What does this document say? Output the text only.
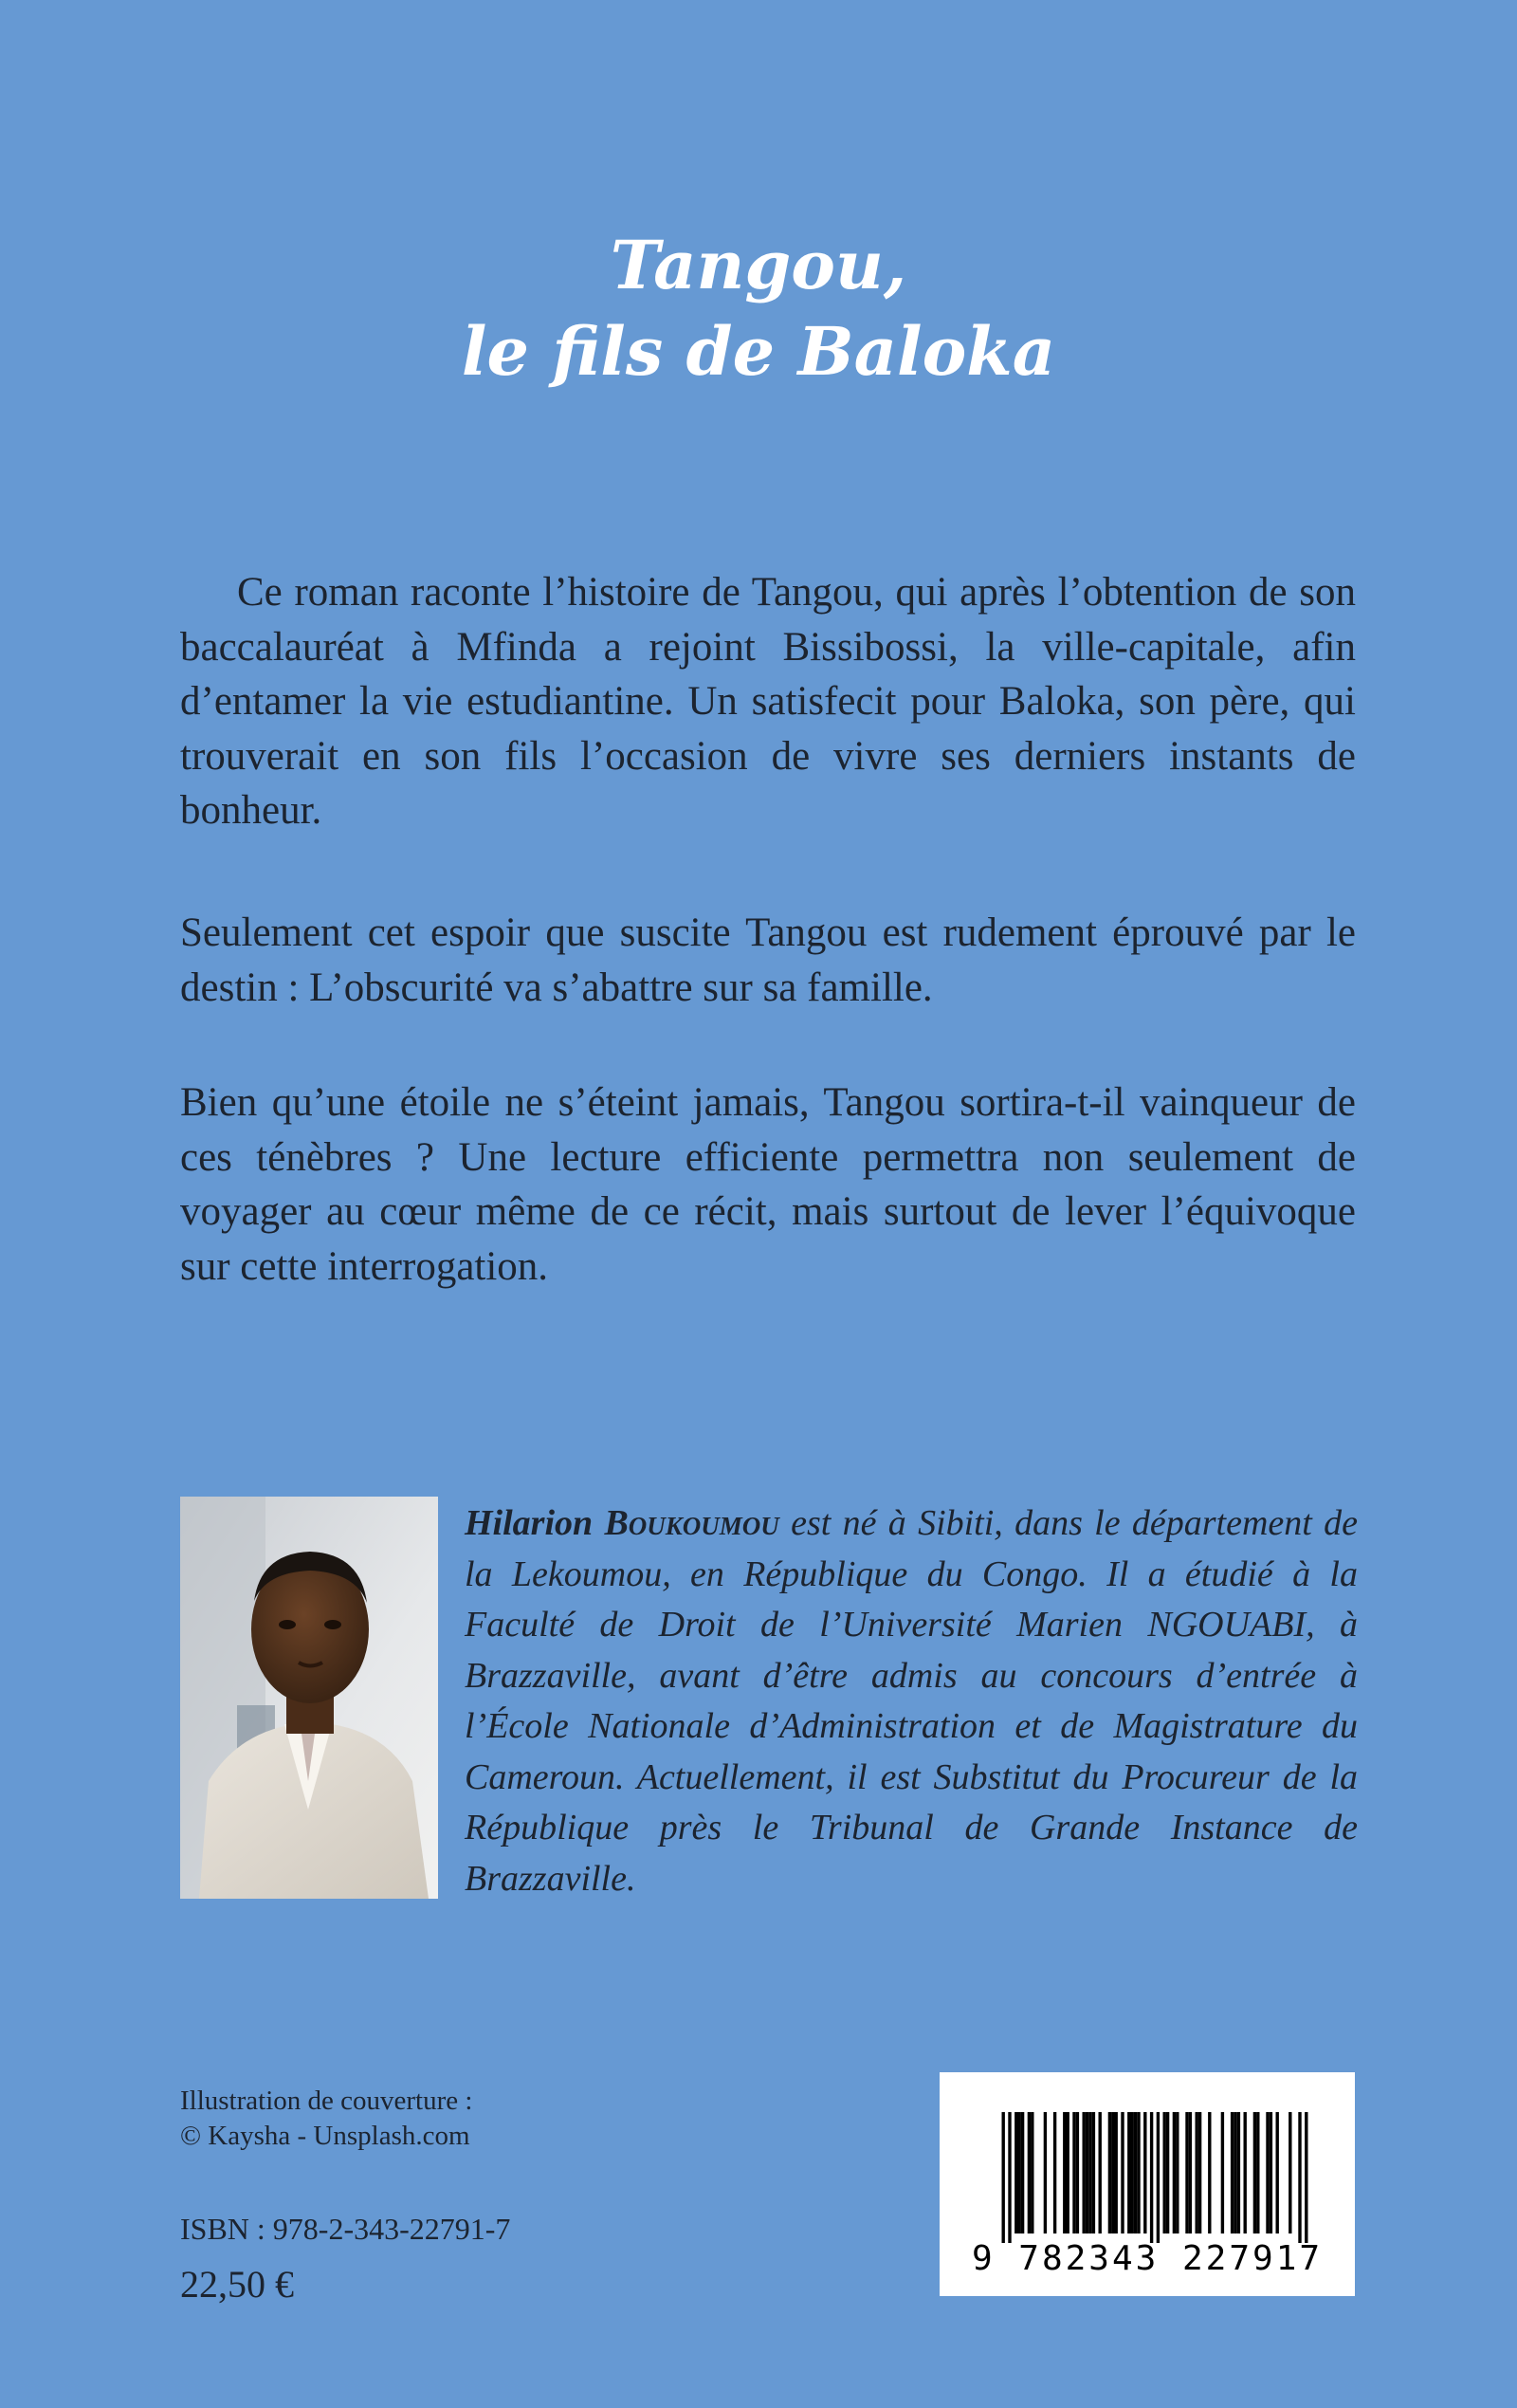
Tangou,
le fils de Baloka

Ce roman raconte l’histoire de Tangou, qui après l’obtention de son baccalauréat à Mfinda a rejoint Bissibossi, la ville-capitale, afin d’entamer la vie estudiantine. Un satisfecit pour Baloka, son père, qui trouverait en son fils l’occasion de vivre ses derniers instants de bonheur.

Seulement cet espoir que suscite Tangou est rudement éprouvé par le destin : L’obscurité va s’abattre sur sa famille.

Bien qu’une étoile ne s’éteint jamais, Tangou sortira-t-il vainqueur de ces ténèbres ? Une lecture efficiente permettra non seulement de voyager au cœur même de ce récit, mais surtout de lever l’équivoque sur cette interrogation.

Hilarion Boukoumou est né à Sibiti, dans le département de la Lekoumou, en République du Congo. Il a étudié à la Faculté de Droit de l’Université Marien NGOUABI, à Brazzaville, avant d’être admis au concours d’entrée à l’École Nationale d’Administration et de Magistrature du Cameroun. Actuellement, il est Substitut du Procureur de la République près le Tribunal de Grande Instance de Brazzaville.

Illustration de couverture :
© Kaysha - Unsplash.com
ISBN : 978-2-343-22791-7
22,50 €
9 782343 227917
